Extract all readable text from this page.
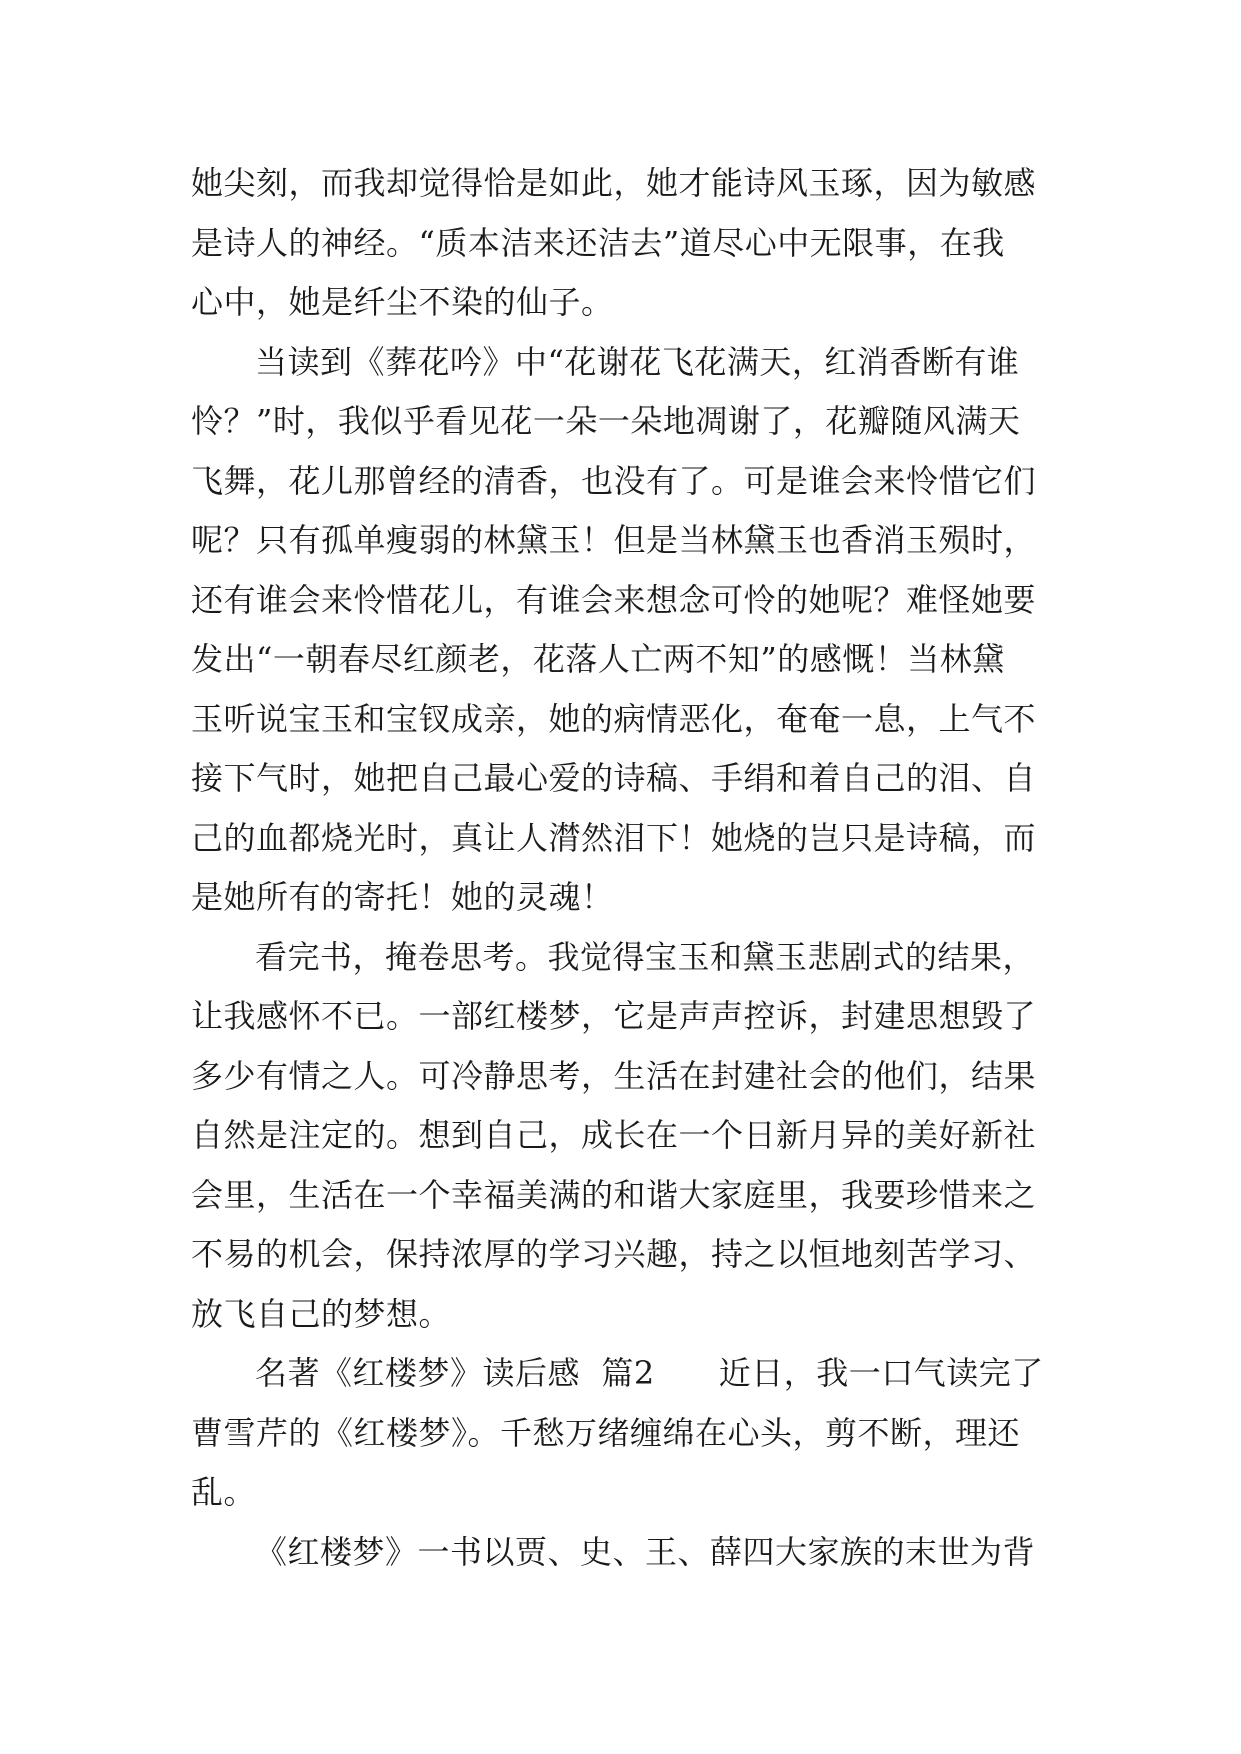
她尖刻，而我却觉得恰是如此，她才能诗风玉琢，因为敏感
是诗人的神经。“质本洁来还洁去”道尽心中无限事，在我
心中，她是纤尘不染的仙子。
当读到《葬花吟》中“花谢花飞花满天，红消香断有谁
怜？”时，我似乎看见花一朵一朵地凋谢了，花瓣随风满天
飞舞，花儿那曾经的清香，也没有了。可是谁会来怜惜它们
呢？只有孤单瘦弱的林黛玉！但是当林黛玉也香消玉殒时，
还有谁会来怜惜花儿，有谁会来想念可怜的她呢？难怪她要
发出“一朝春尽红颜老，花落人亡两不知”的感慨！当林黛
玉听说宝玉和宝钗成亲，她的病情恶化，奄奄一息，上气不
接下气时，她把自己最心爱的诗稿、手绢和着自己的泪、自
己的血都烧光时，真让人潸然泪下！她烧的岂只是诗稿，而
是她所有的寄托！她的灵魂！
看完书，掩卷思考。我觉得宝玉和黛玉悲剧式的结果，
让我感怀不已。一部红楼梦，它是声声控诉，封建思想毁了
多少有情之人。可冷静思考，生活在封建社会的他们，结果
自然是注定的。想到自己，成长在一个日新月异的美好新社
会里，生活在一个幸福美满的和谐大家庭里，我要珍惜来之
不易的机会，保持浓厚的学习兴趣，持之以恒地刻苦学习、
放飞自己的梦想。
名著《红楼梦》读后感  篇2      近日，我一口气读完了
曹雪芹的《红楼梦》。千愁万绪缠绵在心头，剪不断，理还
乱。
《红楼梦》一书以贾、史、王、薛四大家族的末世为背
